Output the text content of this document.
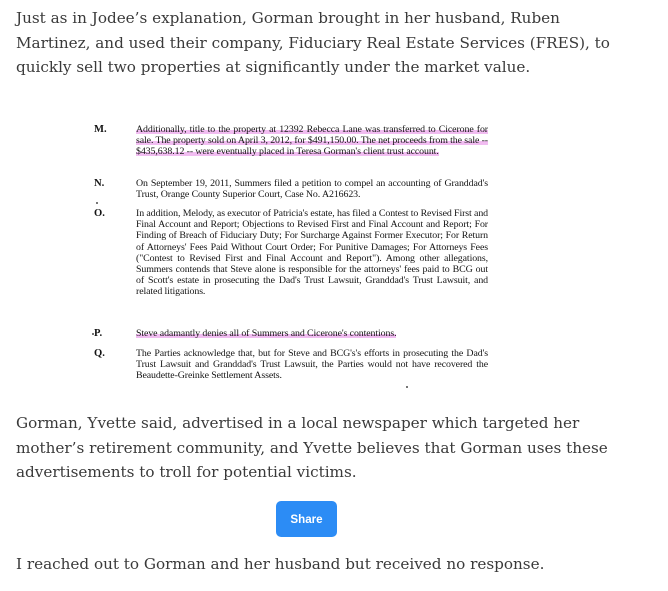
Just as in Jodee’s explanation, Gorman brought in her husband, Ruben Martinez, and used their company, Fiduciary Real Estate Services (FRES), to quickly sell two properties at significantly under the market value.

M.	Additionally, title to the property at 12392 Rebecca Lane was transferred to Cicerone for sale. The property sold on April 3, 2012, for $491,150.00. The net proceeds from the sale -- $435,638.12 -- were eventually placed in Teresa Gorman's client trust account.
N.	On September 19, 2011, Summers filed a petition to compel an accounting of Granddad's Trust, Orange County Superior Court, Case No. A216623.
O.	In addition, Melody, as executor of Patricia's estate, has filed a Contest to Revised First and Final Account and Report; Objections to Revised First and Final Account and Report; For Finding of Breach of Fiduciary Duty; For Surcharge Against Former Executor; For Return of Attorneys' Fees Paid Without Court Order; For Punitive Damages; For Attorneys Fees ("Contest to Revised First and Final Account and Report"). Among other allegations, Summers contends that Steve alone is responsible for the attorneys' fees paid to BCG out of Scott's estate in prosecuting the Dad's Trust Lawsuit, Granddad's Trust Lawsuit, and related litigations.
P.	Steve adamantly denies all of Summers and Cicerone's contentions.
Q.	The Parties acknowledge that, but for Steve and BCG's's efforts in prosecuting the Dad's Trust Lawsuit and Granddad's Trust Lawsuit, the Parties would not have recovered the Beaudette-Greinke Settlement Assets.

Gorman, Yvette said, advertised in a local newspaper which targeted her mother’s retirement community, and Yvette believes that Gorman uses these advertisements to troll for potential victims.

Share

I reached out to Gorman and her husband but received no response.
